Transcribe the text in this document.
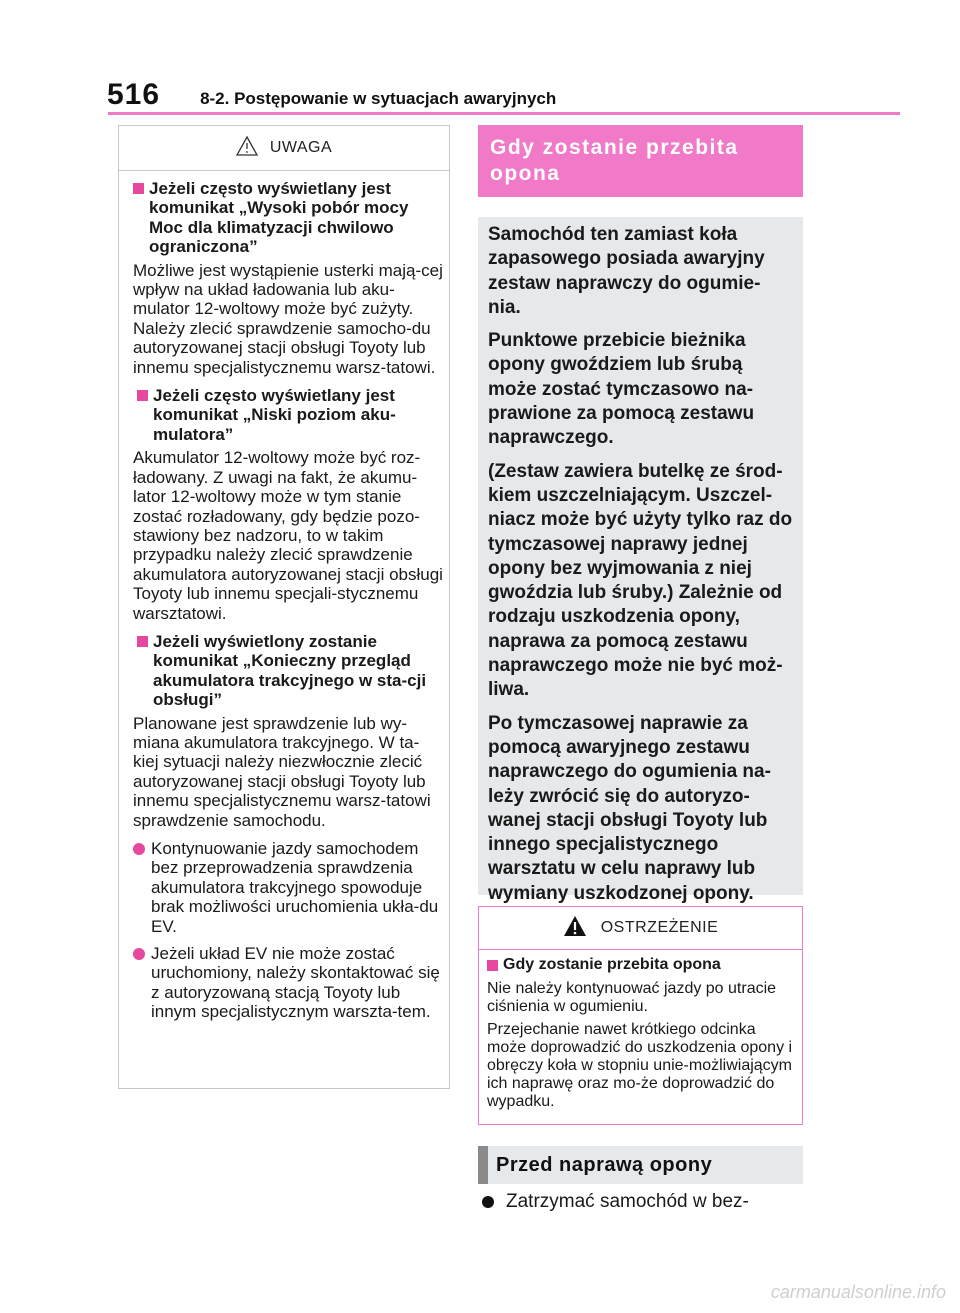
516 8-2. Postępowanie w sytuacjach awaryjnych
UWAGA
Jeżeli często wyświetlany jest komunikat „Wysoki pobór mocy Moc dla klimatyzacji chwilowo ograniczona”
Możliwe jest wystąpienie usterki mają-cej wpływ na układ ładowania lub aku-mulator 12-woltowy może być zużyty. Należy zlecić sprawdzenie samocho-du autoryzowanej stacji obsługi Toyoty lub innemu specjalistycznemu warsz-tatowi.
Jeżeli często wyświetlany jest komunikat „Niski poziom aku-mulatora”
Akumulator 12-woltowy może być roz-ładowany. Z uwagi na fakt, że akumu-lator 12-woltowy może w tym stanie zostać rozładowany, gdy będzie pozo-stawiony bez nadzoru, to w takim przypadku należy zlecić sprawdzenie akumulatora autoryzowanej stacji obsługi Toyoty lub innemu specjali-stycznemu warsztatowi.
Jeżeli wyświetlony zostanie komunikat „Konieczny przegląd akumulatora trakcyjnego w sta-cji obsługi”
Planowane jest sprawdzenie lub wy-miana akumulatora trakcyjnego. W ta-kiej sytuacji należy niezwłocznie zlecić autoryzowanej stacji obsługi Toyoty lub innemu specjalistycznemu warsz-tatowi sprawdzenie samochodu.
Kontynuowanie jazdy samochodem bez przeprowadzenia sprawdzenia akumulatora trakcyjnego spowoduje brak możliwości uruchomienia ukła-du EV.
Jeżeli układ EV nie może zostać uruchomiony, należy skontaktować się z autoryzowaną stacją Toyoty lub innym specjalistycznym warszta-tem.
Gdy zostanie przebita opona

Samochód ten zamiast koła zapasowego posiada awaryjny zestaw naprawczy do ogumie-nia.

Punktowe przebicie bieżnika opony gwoździem lub śrubą może zostać tymczasowo na-prawione za pomocą zestawu naprawczego.

(Zestaw zawiera butelkę ze środ-kiem uszczelniającym. Uszczel-niacz może być użyty tylko raz do tymczasowej naprawy jednej opony bez wyjmowania z niej gwoździa lub śruby.) Zależnie od rodzaju uszkodzenia opony, naprawa za pomocą zestawu naprawczego może nie być moż-liwa.

Po tymczasowej naprawie za pomocą awaryjnego zestawu naprawczego do ogumienia na-leży zwrócić się do autoryzo-wanej stacji obsługi Toyoty lub innego specjalistycznego warsztatu w celu naprawy lub wymiany uszkodzonej opony.

OSTRZEŻENIE
Gdy zostanie przebita opona
Nie należy kontynuować jazdy po utracie ciśnienia w ogumieniu.
Przejechanie nawet krótkiego odcinka może doprowadzić do uszkodzenia opony i obręczy koła w stopniu unie-możliwiającym ich naprawę oraz mo-że doprowadzić do wypadku.
Przed naprawą opony
Zatrzymać samochód w bez-
carmanualsonline.info
